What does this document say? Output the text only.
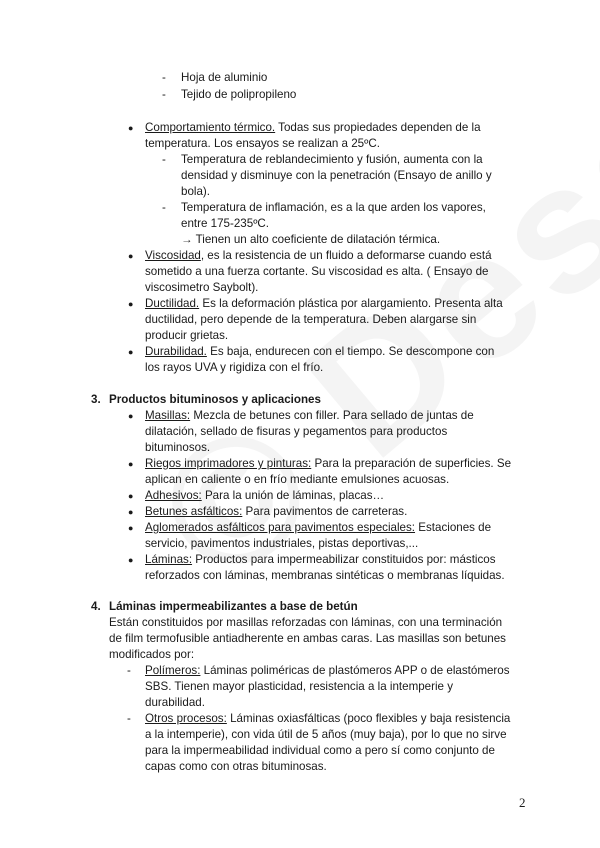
- Hoja de aluminio
- Tejido de polipropileno
● Comportamiento térmico. Todas sus propiedades dependen de la
temperatura. Los ensayos se realizan a 25ºC.
- Temperatura de reblandecimiento y fusión, aumenta con la
densidad y disminuye con la penetración (Ensayo de anillo y
bola).
- Temperatura de inflamación, es a la que arden los vapores,
entre 175-235ºC.
→ Tienen un alto coeficiente de dilatación térmica.
● Viscosidad, es la resistencia de un fluido a deformarse cuando está
sometido a una fuerza cortante. Su viscosidad es alta. ( Ensayo de
viscosimetro Saybolt).
● Ductilidad. Es la deformación plástica por alargamiento. Presenta alta
ductilidad, pero depende de la temperatura. Deben alargarse sin
producir grietas.
● Durabilidad. Es baja, endurecen con el tiempo. Se descompone con
los rayos UVA y rigidiza con el frío.
3. Productos bituminosos y aplicaciones
● Masillas: Mezcla de betunes con filler. Para sellado de juntas de
dilatación, sellado de fisuras y pegamentos para productos
bituminosos.
● Riegos imprimadores y pinturas: Para la preparación de superficies. Se
aplican en caliente o en frío mediante emulsiones acuosas.
● Adhesivos: Para la unión de láminas, placas…
● Betunes asfálticos: Para pavimentos de carreteras.
● Aglomerados asfálticos para pavimentos especiales: Estaciones de
servicio, pavimentos industriales, pistas deportivas,...
● Láminas: Productos para impermeabilizar constituidos por: másticos
reforzados con láminas, membranas sintéticas o membranas líquidas.
4. Láminas impermeabilizantes a base de betún
Están constituidos por masillas reforzadas con láminas, con una terminación
de film termofusible antiadherente en ambas caras. Las masillas son betunes
modificados por:
- Polímeros: Láminas poliméricas de plastómeros APP o de elastómeros
SBS. Tienen mayor plasticidad, resistencia a la intemperie y
durabilidad.
- Otros procesos: Láminas oxiasfálticas (poco flexibles y baja resistencia
a la intemperie), con vida útil de 5 años (muy baja), por lo que no sirve
para la impermeabilidad individual como a pero sí como conjunto de
capas como con otras bituminosas.
2
